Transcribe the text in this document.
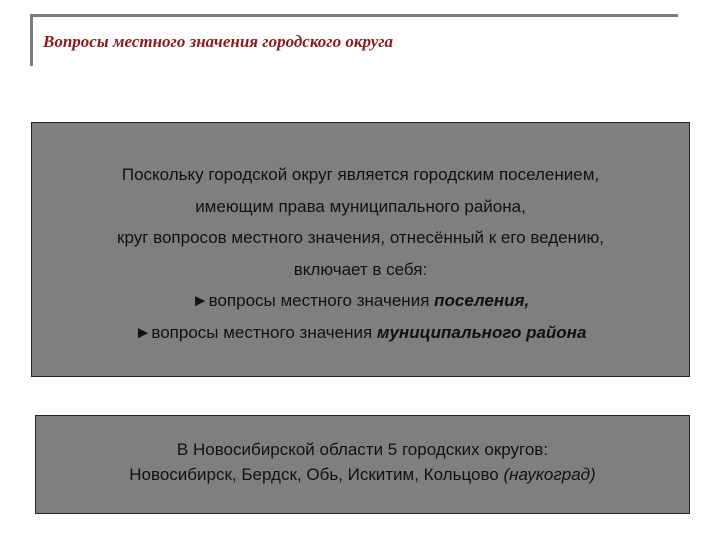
Вопросы местного значения городского округа
Поскольку городской округ является городским поселением,
имеющим права муниципального района,
круг вопросов местного значения, отнесённый к его ведению,
включает в себя:
►вопросы местного значения поселения,
►вопросы местного значения муниципального района
В Новосибирской области 5 городских округов:
Новосибирск, Бердск, Обь, Искитим, Кольцово (наукоград)
